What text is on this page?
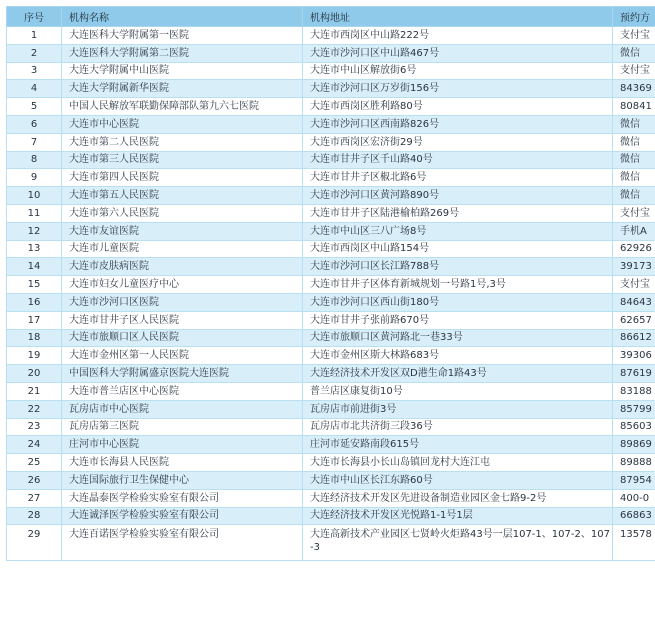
序号	机构名称	机构地址	预约方
1	大连医科大学附属第一医院	大连市西岗区中山路222号	支付宝
2	大连医科大学附属第二医院	大连市沙河口区中山路467号	微信
3	大连大学附属中山医院	大连市中山区解放街6号	支付宝
4	大连大学附属新华医院	大连市沙河口区万岁街156号	84369
5	中国人民解放军联勤保障部队第九六七医院	大连市西岗区胜利路80号	80841
6	大连市中心医院	大连市沙河口区西南路826号	微信
7	大连市第二人民医院	大连市西岗区宏济街29号	微信
8	大连市第三人民医院	大连市甘井子区千山路40号	微信
9	大连市第四人民医院	大连市甘井子区椒北路6号	微信
10	大连市第五人民医院	大连市沙河口区黄河路890号	微信
11	大连市第六人民医院	大连市甘井子区陆港榆柏路269号	支付宝
12	大连市友谊医院	大连市中山区三八广场8号	手机A
13	大连市儿童医院	大连市西岗区中山路154号	62926
14	大连市皮肤病医院	大连市沙河口区长江路788号	39173
15	大连市妇女儿童医疗中心	大连市甘井子区体育新城规划一号路1号,3号	支付宝
16	大连市沙河口区医院	大连市沙河口区西山街180号	84643
17	大连市甘井子区人民医院	大连市甘井子张前路670号	62657
18	大连市旅顺口区人民医院	大连市旅顺口区黄河路北一巷33号	86612
19	大连市金州区第一人民医院	大连市金州区斯大林路683号	39306
20	中国医科大学附属盛京医院大连医院	大连经济技术开发区双D港生命1路43号	87619
21	大连市普兰店区中心医院	普兰店区康复街10号	83188
22	瓦房店市中心医院	瓦房店市前进街3号	85799
23	瓦房店第三医院	瓦房店市北共济街三段36号	85603
24	庄河市中心医院	庄河市延安路南段615号	89869
25	大连市长海县人民医院	大连市长海县小长山岛镇回龙村大连江屯	89888
26	大连国际旅行卫生保健中心	大连市中山区长江东路60号	87954
27	大连晶泰医学检验实验室有限公司	大连经济技术开发区先进设备制造业园区金七路9-2号	400-0
28	大连诚泽医学检验实验室有限公司	大连经济技术开发区光悦路1-1号1层	66863
29	大连百诺医学检验实验室有限公司	大连高新技术产业园区七贤岭火炬路43号一层107-1、107-2、107-3	13578
